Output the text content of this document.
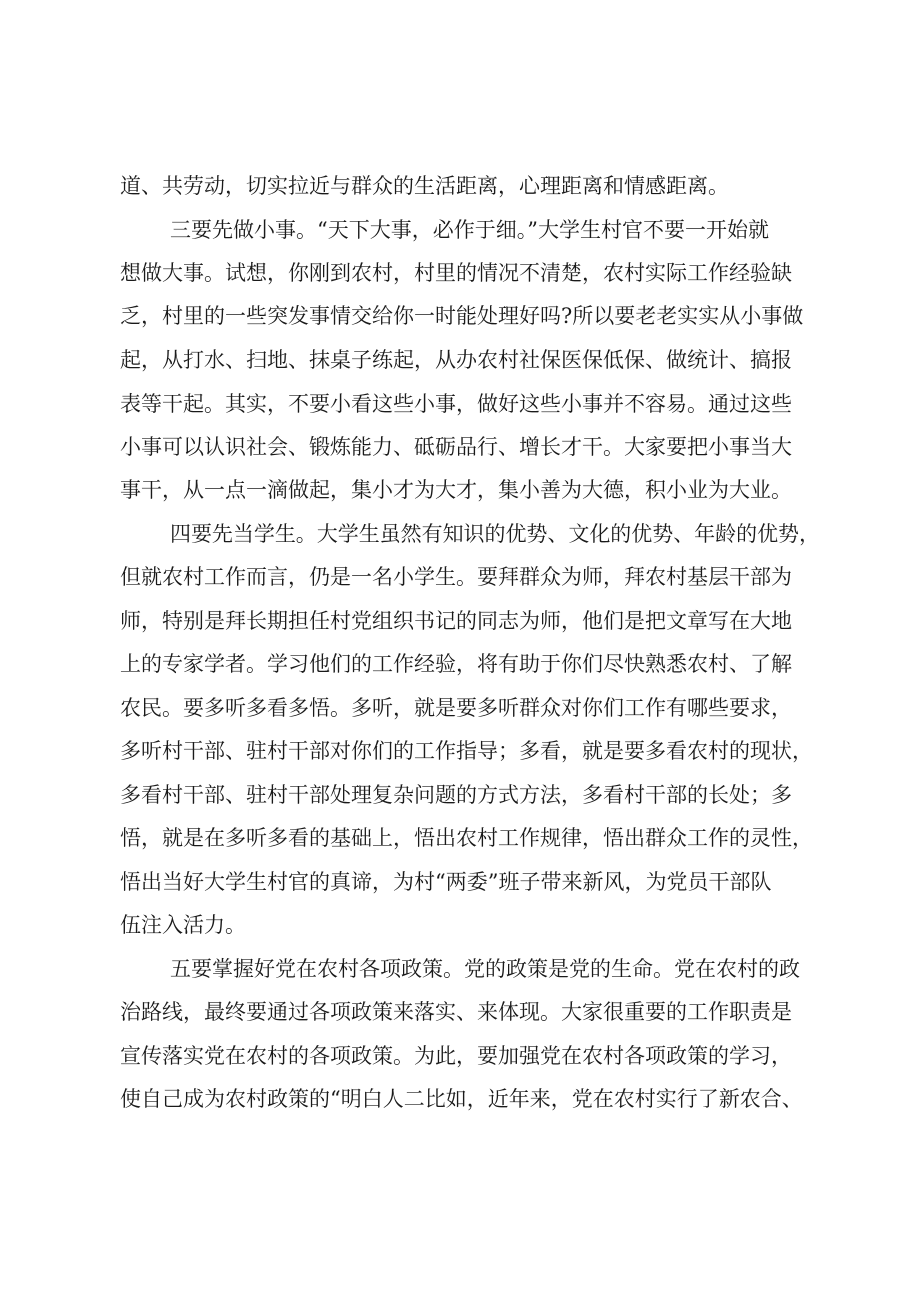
道、共劳动，切实拉近与群众的生活距离，心理距离和情感距离。
三要先做小事。“天下大事，必作于细。”大学生村官不要一开始就
想做大事。试想，你刚到农村，村里的情况不清楚，农村实际工作经验缺
乏，村里的一些突发事情交给你一时能处理好吗?所以要老老实实从小事做
起，从打水、扫地、抹桌子练起，从办农村社保医保低保、做统计、搞报
表等干起。其实，不要小看这些小事，做好这些小事并不容易。通过这些
小事可以认识社会、锻炼能力、砥砺品行、增长才干。大家要把小事当大
事干，从一点一滴做起，集小才为大才，集小善为大德，积小业为大业。
四要先当学生。大学生虽然有知识的优势、文化的优势、年龄的优势，
但就农村工作而言，仍是一名小学生。要拜群众为师，拜农村基层干部为
师，特别是拜长期担任村党组织书记的同志为师，他们是把文章写在大地
上的专家学者。学习他们的工作经验，将有助于你们尽快熟悉农村、了解
农民。要多听多看多悟。多听，就是要多听群众对你们工作有哪些要求，
多听村干部、驻村干部对你们的工作指导；多看，就是要多看农村的现状，
多看村干部、驻村干部处理复杂问题的方式方法，多看村干部的长处；多
悟，就是在多听多看的基础上，悟出农村工作规律，悟出群众工作的灵性，
悟出当好大学生村官的真谛，为村“两委”班子带来新风，为党员干部队
伍注入活力。
五要掌握好党在农村各项政策。党的政策是党的生命。党在农村的政
治路线，最终要通过各项政策来落实、来体现。大家很重要的工作职责是
宣传落实党在农村的各项政策。为此，要加强党在农村各项政策的学习，
使自己成为农村政策的“明白人二比如，近年来，党在农村实行了新农合、
